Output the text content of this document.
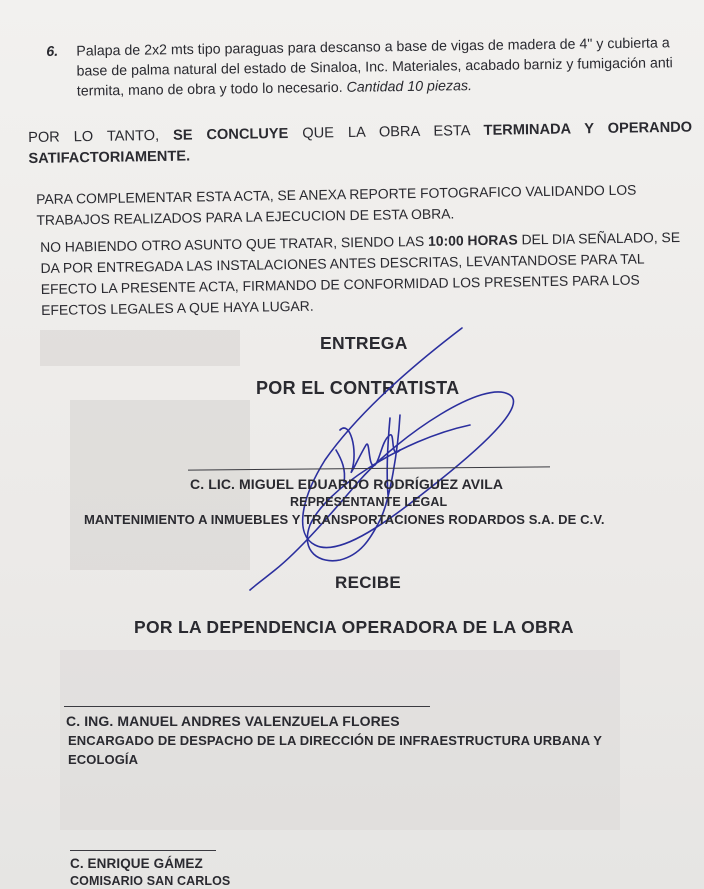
6. Palapa de 2x2 mts tipo paraguas para descanso a base de vigas de madera de 4" y cubierta a base de palma natural del estado de Sinaloa, Inc. Materiales, acabado barniz y fumigación anti termita, mano de obra y todo lo necesario. Cantidad 10 piezas.
POR LO TANTO, SE CONCLUYE QUE LA OBRA ESTA TERMINADA Y OPERANDO SATIFACTORIAMENTE.
PARA COMPLEMENTAR ESTA ACTA, SE ANEXA REPORTE FOTOGRAFICO VALIDANDO LOS TRABAJOS REALIZADOS PARA LA EJECUCION DE ESTA OBRA.
NO HABIENDO OTRO ASUNTO QUE TRATAR, SIENDO LAS 10:00 HORAS DEL DIA SEÑALADO, SE DA POR ENTREGADA LAS INSTALACIONES ANTES DESCRITAS, LEVANTANDOSE PARA TAL EFECTO LA PRESENTE ACTA, FIRMANDO DE CONFORMIDAD LOS PRESENTES PARA LOS EFECTOS LEGALES A QUE HAYA LUGAR.
ENTREGA
POR EL CONTRATISTA
C. LIC. MIGUEL EDUARDO RODRÍGUEZ AVILA
REPRESENTANTE LEGAL
MANTENIMIENTO A INMUEBLES Y TRANSPORTACIONES RODARDOS S.A. DE C.V.
RECIBE
POR LA DEPENDENCIA OPERADORA DE LA OBRA
C. ING. MANUEL ANDRES VALENZUELA FLORES
ENCARGADO DE DESPACHO DE LA DIRECCIÓN DE INFRAESTRUCTURA URBANA Y
ECOLOGÍA
C. ENRIQUE GÁMEZ
COMISARIO SAN CARLOS
